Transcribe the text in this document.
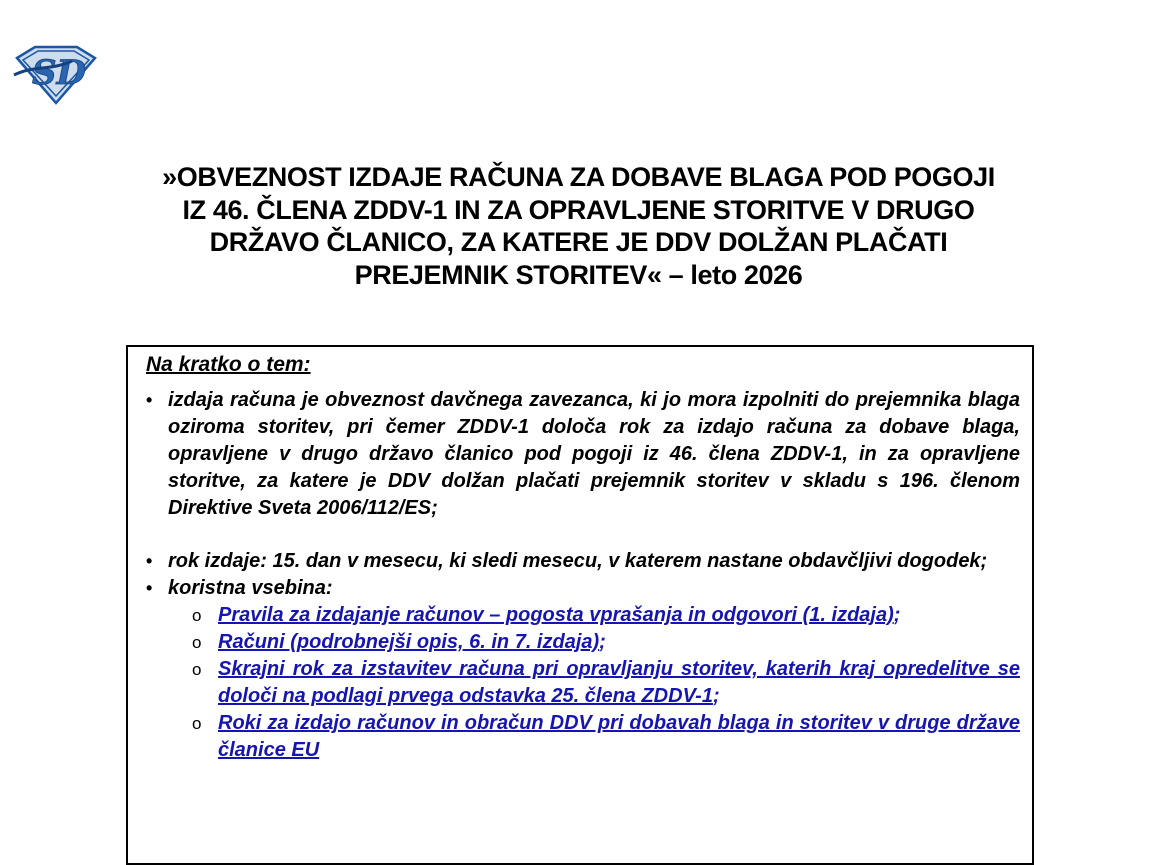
SD
»OBVEZNOST IZDAJE RAČUNA ZA DOBAVE BLAGA POD POGOJI
IZ 46. ČLENA ZDDV-1 IN ZA OPRAVLJENE STORITVE V DRUGO
DRŽAVO ČLANICO, ZA KATERE JE DDV DOLŽAN PLAČATI
PREJEMNIK STORITEV« – leto 2026
Na kratko o tem:
• izdaja računa je obveznost davčnega zavezanca, ki jo mora izpolniti do prejemnika blaga oziroma storitev, pri čemer ZDDV-1 določa rok za izdajo računa za dobave blaga, opravljene v drugo državo članico pod pogoji iz 46. člena ZDDV-1, in za opravljene storitve, za katere je DDV dolžan plačati prejemnik storitev v skladu s 196. členom Direktive Sveta 2006/112/ES;
• rok izdaje: 15. dan v mesecu, ki sledi mesecu, v katerem nastane obdavčljivi dogodek;
• koristna vsebina:
o Pravila za izdajanje računov – pogosta vprašanja in odgovori (1. izdaja);
o Računi (podrobnejši opis, 6. in 7. izdaja);
o Skrajni rok za izstavitev računa pri opravljanju storitev, katerih kraj opredelitve se določi na podlagi prvega odstavka 25. člena ZDDV-1;
o Roki za izdajo računov in obračun DDV pri dobavah blaga in storitev v druge države članice EU
